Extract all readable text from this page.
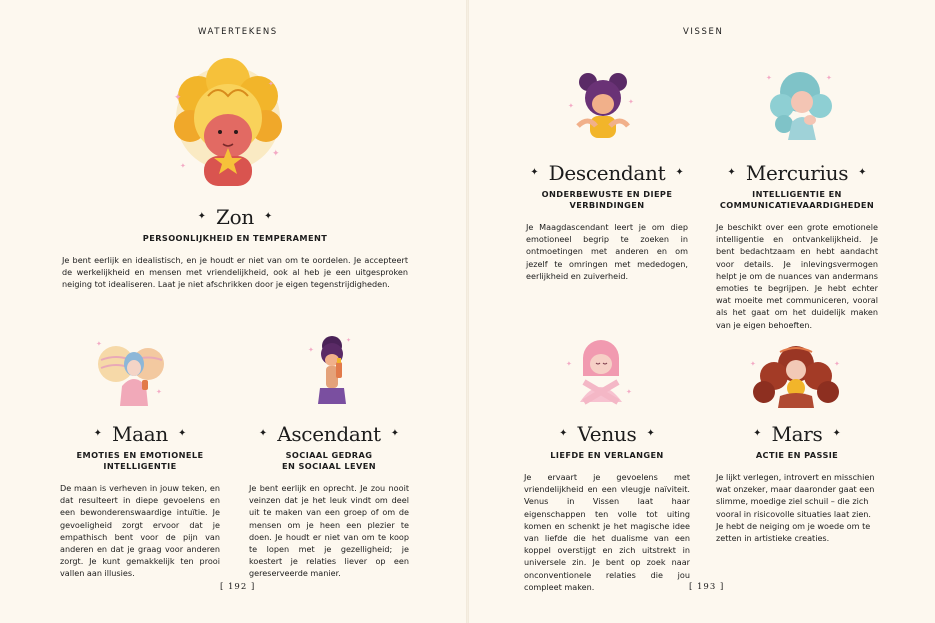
WATERTEKENS	VISSEN
[ 192 ]	[ 193 ]
✦
✦
✦
✦
✦
✦
✦
✦
✦	✦
✦	✦
✦
✦
✦	✦
✦ Zon ✦
PERSOONLIJKHEID EN TEMPERAMENT
Je bent eerlijk en idealistisch, en je houdt er niet van om te oordelen. Je accepteert de werkelijkheid en mensen met vriendelijkheid, ook al heb je een uitgesproken neiging tot idealiseren. Laat je niet afschrikken door je eigen tegenstrijdigheden.
✦ Maan ✦
EMOTIES EN EMOTIONELE
INTELLIGENTIE
De maan is verheven in jouw teken, en dat resulteert in diepe gevoelens en een bewonderenswaardige intuïtie. Je gevoeligheid zorgt ervoor dat je empathisch bent voor de pijn van anderen en dat je graag voor anderen zorgt. Je kunt gemakkelijk ten prooi vallen aan illusies.
✦ Ascendant ✦
SOCIAAL GEDRAG
EN SOCIAAL LEVEN
Je bent eerlijk en oprecht. Je zou nooit veinzen dat je het leuk vindt om deel uit te maken van een groep of om de mensen om je heen een plezier te doen. Je houdt er niet van om te koop te lopen met je gezelligheid; je koestert je relaties liever op een gereserveerde manier.
✦ Descendant ✦
ONDERBEWUSTE EN DIEPE
VERBINDINGEN
Je Maagdascendant leert je om diep emotioneel begrip te zoeken in ontmoetingen met anderen en om jezelf te omringen met mededogen, eerlijkheid en zuiverheid.
✦ Mercurius ✦
INTELLIGENTIE EN
COMMUNICATIEVAARDIGHEDEN
Je beschikt over een grote emotionele intelligentie en ontvankelijkheid. Je bent bedachtzaam en hebt aandacht voor details. Je inlevingsvermogen helpt je om de nuances van andermans emoties te begrijpen. Je hebt echter wat moeite met communiceren, vooral als het gaat om het duidelijk maken van je eigen behoeften.
✦ Venus ✦
LIEFDE EN VERLANGEN
Je ervaart je gevoelens met vriendelijkheid en een vleugje naïviteit. Venus in Vissen laat haar eigenschappen ten volle tot uiting komen en schenkt je het magische idee van liefde die het dualisme van een koppel overstijgt en zich uitstrekt in universele zin. Je bent op zoek naar onconventionele relaties die jou compleet maken.
✦ Mars ✦
ACTIE EN PASSIE
Je lijkt verlegen, introvert en misschien wat onzeker, maar daaronder gaat een slimme, moedige ziel schuil – die zich vooral in risicovolle situaties laat zien. Je hebt de neiging om je woede om te zetten in artistieke creaties.
